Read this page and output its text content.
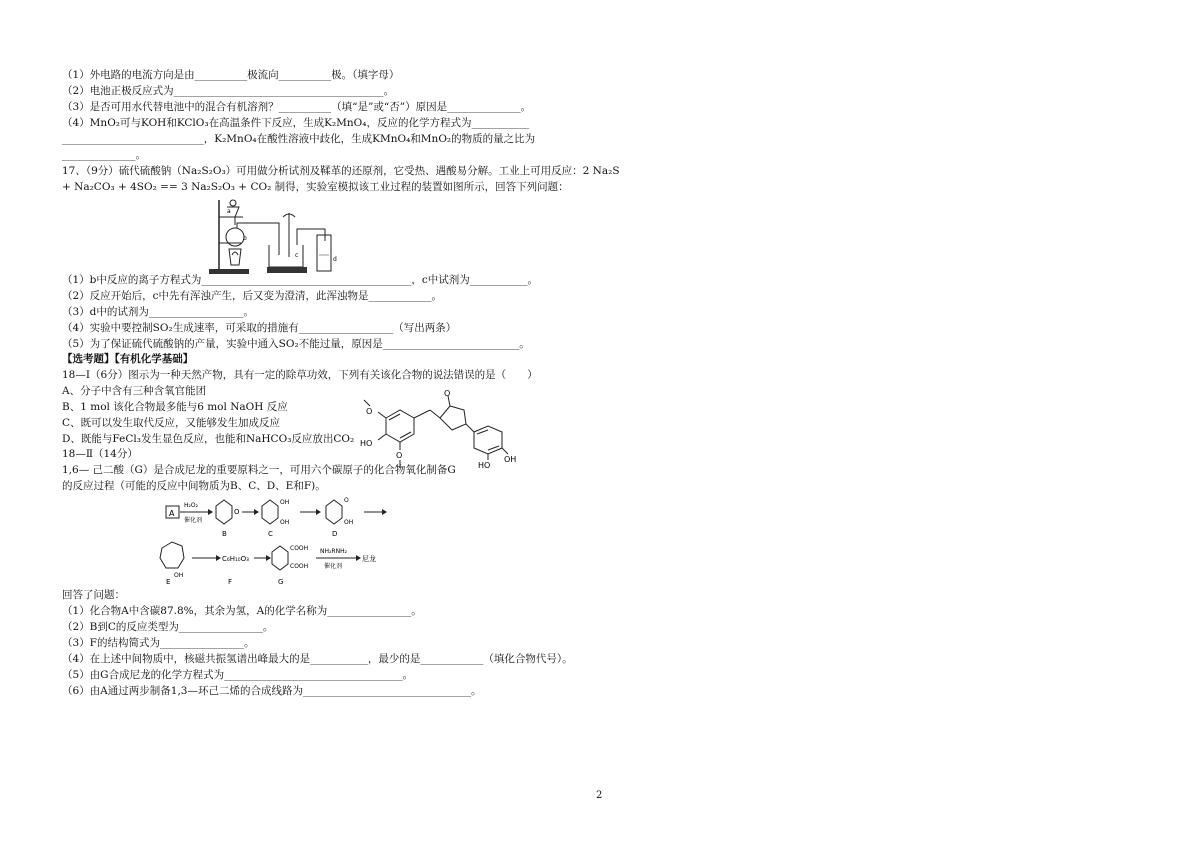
（1）外电路的电流方向是由__________极流向__________极。（填字母）
（2）电池正极反应式为________________________________________。
（3）是否可用水代替电池中的混合有机溶剂？__________（填“是”或“否”）原因是______________。
（4）MnO₂可与KOH和KClO₃在高温条件下反应，生成K₂MnO₄，反应的化学方程式为___________
___________________________，K₂MnO₄在酸性溶液中歧化，生成KMnO₄和MnO₂的物质的量之比为
______________。
17、（9分）硫代硫酸钠（Na₂S₂O₃）可用做分析试剂及鞣革的还原剂，它受热、遇酸易分解。工业上可用反应：2 Na₂S
+ Na₂CO₃ + 4SO₂ == 3 Na₂S₂O₃ + CO₂ 制得，实验室模拟该工业过程的装置如图所示，回答下列问题：
a
b
c
d
（1）b中反应的离子方程式为________________________________________，c中试剂为___________。
（2）反应开始后，c中先有浑浊产生，后又变为澄清，此浑浊物是____________。
（3）d中的试剂为__________________。
（4）实验中要控制SO₂生成速率，可采取的措施有__________________（写出两条）
（5）为了保证硫代硫酸钠的产量，实验中通入SO₂不能过量，原因是__________________________。
【选考题】【有机化学基础】
18—Ⅰ（6分）图示为一种天然产物，具有一定的除草功效，下列有关该化合物的说法错误的是（　　）
A、分子中含有三种含氧官能团
B、1 mol 该化合物最多能与6 mol NaOH 反应
C、既可以发生取代反应，又能够发生加成反应
D、既能与FeCl₃发生显色反应，也能和NaHCO₃反应放出CO₂
O
HO
O
O
HO
OH
18—Ⅱ（14分）
1,6— 己二酸（G）是合成尼龙的重要原料之一，可用六个碳原子的化合物氧化制备G
的反应过程（可能的反应中间物质为B、C、D、E和F)。
A
H₂O₂
催化剂
O
B
OH
OH
C
O
OH
D
OH
E
C₆H₁₀O₃
F
COOH
COOH
G
NH₂RNH₂
催化剂
尼龙
回答了问题：
（1）化合物A中含碳87.8%，其余为氢，A的化学名称为________________。
（2）B到C的反应类型为________________。
（3）F的结构简式为________________。
（4）在上述中间物质中，核磁共振氢谱出峰最大的是___________，最少的是____________（填化合物代号）。
（5）由G合成尼龙的化学方程式为__________________________________。
（6）由A通过两步制备1,3—环己二烯的合成线路为________________________________。
2
